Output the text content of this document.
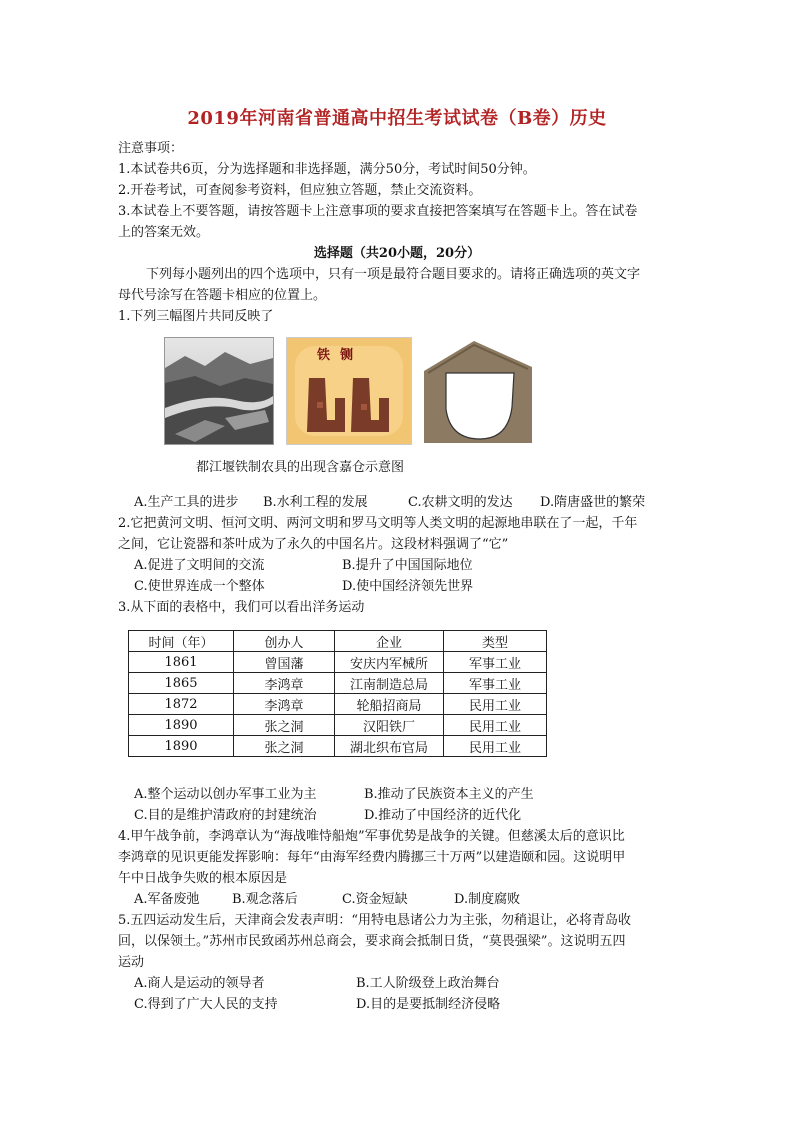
2019年河南省普通高中招生考试试卷（B卷）历史
注意事项：
1.本试卷共6页，分为选择题和非选择题，满分50分，考试时间50分钟。
2.开卷考试，可查阅参考资料，但应独立答题，禁止交流资料。
3.本试卷上不要答题，请按答题卡上注意事项的要求直接把答案填写在答题卡上。答在试卷
上的答案无效。
选择题（共20小题，20分）
下列每小题列出的四个选项中，只有一项是最符合题目要求的。请将正确选项的英文字
母代号涂写在答题卡相应的位置上。
1.下列三幅图片共同反映了
铁铡
都江堰铁制农具的出现含嘉仓示意图
A.生产工具的进步 B.水利工程的发展	C.农耕文明的发达 D.隋唐盛世的繁荣
2.它把黄河文明、恒河文明、两河文明和罗马文明等人类文明的起源地串联在了一起，千年
之间，它让瓷器和茶叶成为了永久的中国名片。这段材料强调了“它”
A.促进了文明间的交流	B.提升了中国国际地位
C.使世界连成一个整体	D.使中国经济领先世界
3.从下面的表格中，我们可以看出洋务运动
时间（年）	创办人	企业	类型
1861	曾国藩	安庆内军械所	军事工业
1865	李鸿章	江南制造总局	军事工业
1872	李鸿章	轮船招商局	民用工业
1890	张之洞	汉阳铁厂	民用工业
1890	张之洞	湖北织布官局	民用工业
A.整个运动以创办军事工业为主	B.推动了民族资本主义的产生
C.目的是维护清政府的封建统治	D.推动了中国经济的近代化
4.甲午战争前，李鸿章认为“海战唯恃船炮”军事优势是战争的关键。但慈溪太后的意识比
李鸿章的见识更能发挥影响：每年“由海军经费内腾挪三十万两”以建造颐和园。这说明甲
午中日战争失败的根本原因是
A.军备废弛 B.观念落后	C.资金短缺	D.制度腐败
5.五四运动发生后，天津商会发表声明：“用特电恳诸公力为主张，勿稍退让，必将青岛收
回，以保领土。”苏州市民致函苏州总商会，要求商会抵制日货，“莫畏强梁”。这说明五四
运动
A.商人是运动的领导者	B.工人阶级登上政治舞台
C.得到了广大人民的支持	D.目的是要抵制经济侵略
